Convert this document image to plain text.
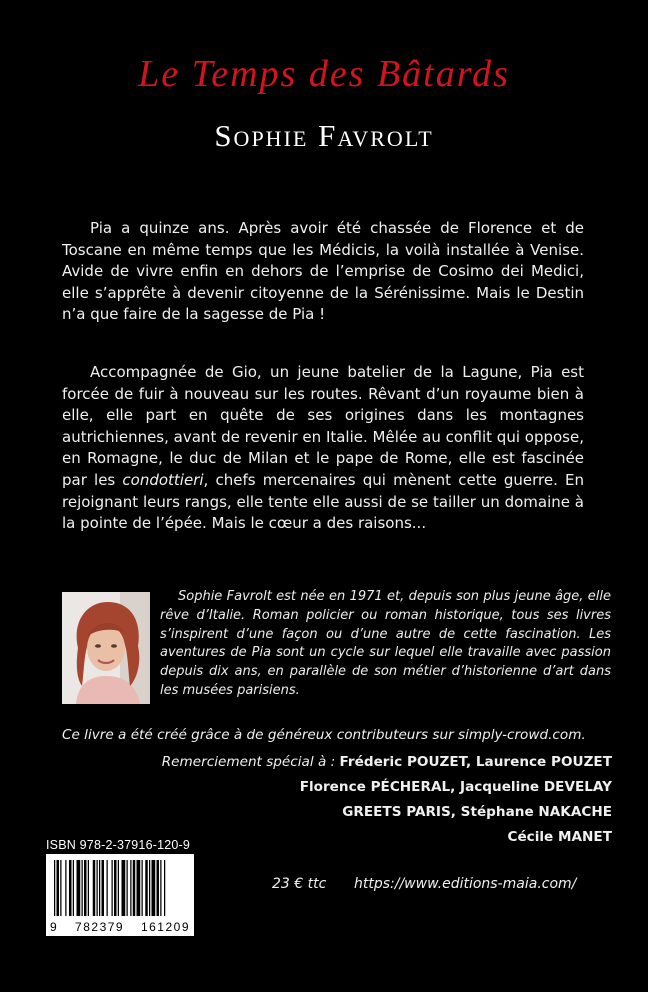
Le Temps des Bâtards
Sophie Favrolt

Pia a quinze ans. Après avoir été chassée de Florence et de Toscane en même temps que les Médicis, la voilà installée à Venise. Avide de vivre enfin en dehors de l’emprise de Cosimo dei Medici, elle s’apprête à devenir citoyenne de la Sérénissime. Mais le Destin n’a que faire de la sagesse de Pia !

Accompagnée de Gio, un jeune batelier de la Lagune, Pia est forcée de fuir à nouveau sur les routes. Rêvant d’un royaume bien à elle, elle part en quête de ses origines dans les montagnes autrichiennes, avant de revenir en Italie. Mêlée au conflit qui oppose, en Romagne, le duc de Milan et le pape de Rome, elle est fascinée par les condottieri, chefs mercenaires qui mènent cette guerre. En rejoignant leurs rangs, elle tente elle aussi de se tailler un domaine à la pointe de l’épée. Mais le cœur a des raisons...

Sophie Favrolt est née en 1971 et, depuis son plus jeune âge, elle rêve d’Italie. Roman policier ou roman historique, tous ses livres s’inspirent d’une façon ou d’une autre de cette fascination. Les aventures de Pia sont un cycle sur lequel elle travaille avec passion depuis dix ans, en parallèle de son métier d’historienne d’art dans les musées parisiens.

Ce livre a été créé grâce à de généreux contributeurs sur simply-crowd.com.
Remerciement spécial à : Fréderic POUZET, Laurence POUZET
Florence PÉCHERAL, Jacqueline DEVELAY
GREETS PARIS, Stéphane NAKACHE
Cécile MANET
ISBN 978-2-37916-120-9
9 782379 161209
23 € ttc https://www.editions-maia.com/
